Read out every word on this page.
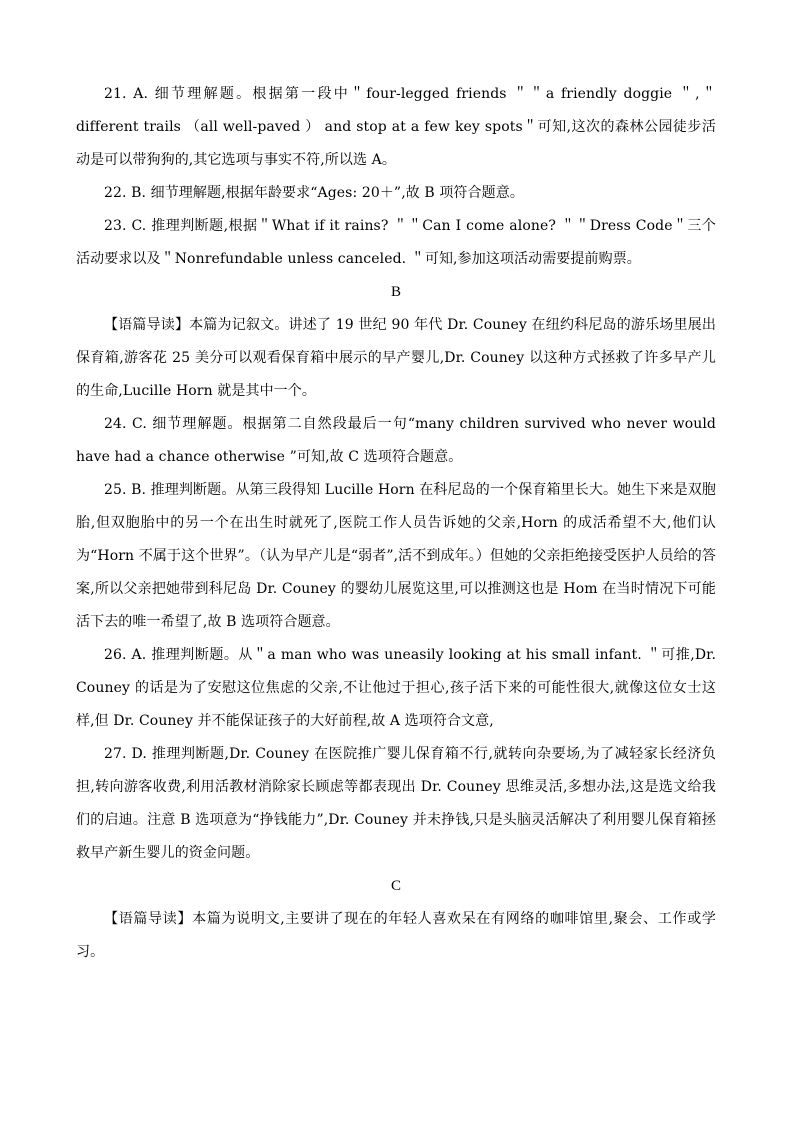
21. A. 细节理解题。根据第一段中＂four-legged friends ＂＂a friendly doggie ＂,＂different trails （all well-paved ） and stop at a few key spots＂可知,这次的森林公园徒步活动是可以带狗狗的,其它选项与事实不符,所以选 A。

22. B. 细节理解题,根据年龄要求“Ages: 20＋”,故 B 项符合题意。

23. C. 推理判断题,根据＂What if it rains? ＂＂Can I come alone? ＂＂Dress Code＂三个活动要求以及＂Nonrefundable unless canceled. ＂可知,参加这项活动需要提前购票。

B

【语篇导读】本篇为记叙文。讲述了 19 世纪 90 年代 Dr. Couney 在纽约科尼岛的游乐场里展出保育箱,游客花 25 美分可以观看保育箱中展示的早产婴儿,Dr. Couney 以这种方式拯救了许多早产儿的生命,Lucille Horn 就是其中一个。

24. C. 细节理解题。根据第二自然段最后一句“many children survived who never would have had a chance otherwise ”可知,故 C 选项符合题意。

25. B. 推理判断题。从第三段得知 Lucille Horn 在科尼岛的一个保育箱里长大。她生下来是双胞胎,但双胞胎中的另一个在出生时就死了,医院工作人员告诉她的父亲,Horn 的成活希望不大,他们认为“Horn 不属于这个世界”。（认为早产儿是“弱者”,活不到成年。）但她的父亲拒绝接受医护人员给的答案,所以父亲把她带到科尼岛 Dr. Couney 的婴幼儿展览这里,可以推测这也是 Hom 在当时情况下可能活下去的唯一希望了,故 B 选项符合题意。

26. A. 推理判断题。从＂a man who was uneasily looking at his small infant. ＂可推,Dr. Couney 的话是为了安慰这位焦虑的父亲,不让他过于担心,孩子活下来的可能性很大,就像这位女士这样,但 Dr. Couney 并不能保证孩子的大好前程,故 A 选项符合文意,

27. D. 推理判断题,Dr. Couney 在医院推广婴儿保育箱不行,就转向杂要场,为了减轻家长经济负担,转向游客收费,利用活教材消除家长顾虑等都表现出 Dr. Couney 思维灵活,多想办法,这是选文给我们的启迪。注意 B 选项意为“挣钱能力”,Dr. Couney 并未挣钱,只是头脑灵活解决了利用婴儿保育箱拯救早产新生婴儿的资金问题。

C

【语篇导读】本篇为说明文,主要讲了现在的年轻人喜欢呆在有网络的咖啡馆里,聚会、工作或学习。
